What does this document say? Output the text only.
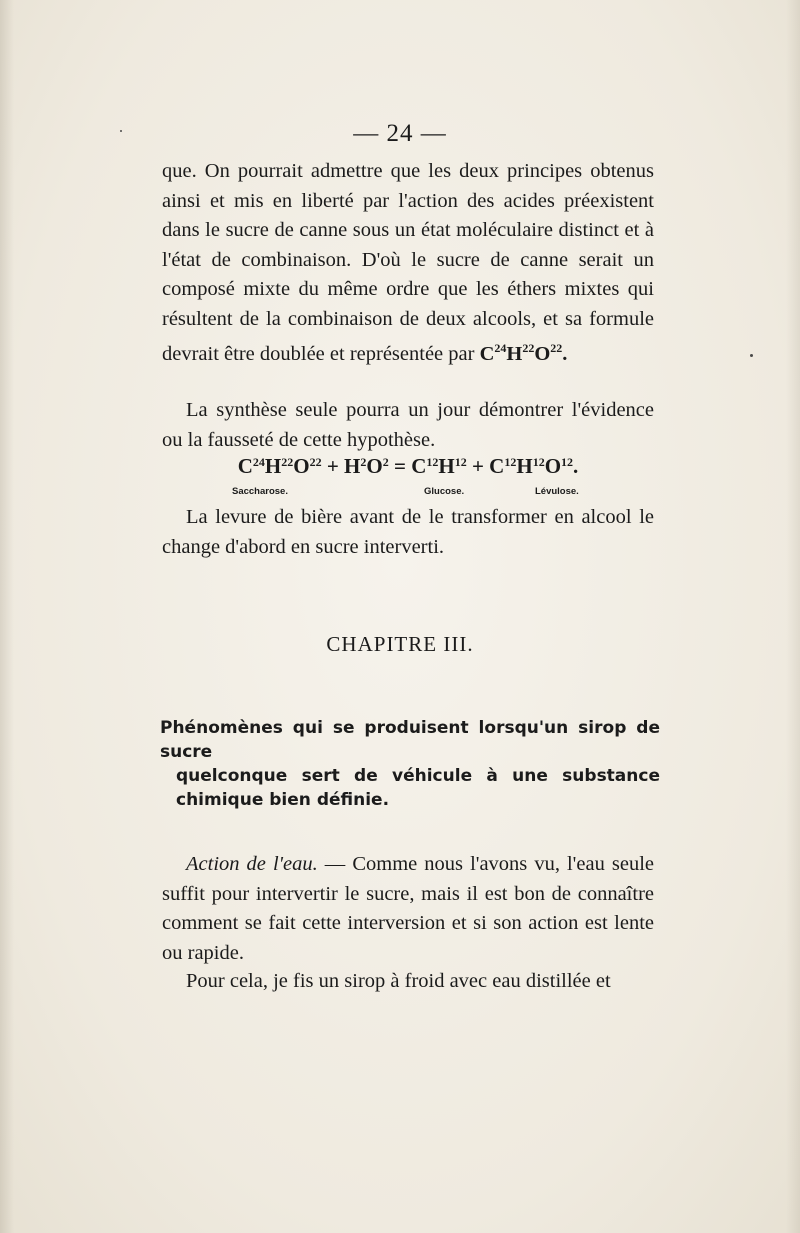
— 24 —

que. On pourrait admettre que les deux principes obtenus ainsi et mis en liberté par l'action des acides préexistent dans le sucre de canne sous un état moléculaire distinct et à l'état de combinaison. D'où le sucre de canne serait un composé mixte du même ordre que les éthers mixtes qui résultent de la combinaison de deux alcools, et sa formule devrait être doublée et représentée par $C^{24}H^{22}O^{22}$.

La synthèse seule pourra un jour démontrer l'évidence ou la fausseté de cette hypothèse.

$C^{24}H^{22}O^{22} + H^2O^2 = C^{12}H^{12} + C^{12}H^{12}O^{12}$.
Saccharose.	Glucose.	Lévulose.

La levure de bière avant de le transformer en alcool le change d'abord en sucre interverti.

CHAPITRE III.
Phénomènes qui se produisent lorsqu'un sirop de sucre
quelconque sert de véhicule à une substance chimique bien définie.

Action de l'eau. — Comme nous l'avons vu, l'eau seule suffit pour intervertir le sucre, mais il est bon de connaître comment se fait cette interversion et si son action est lente ou rapide.

Pour cela, je fis un sirop à froid avec eau distillée et
